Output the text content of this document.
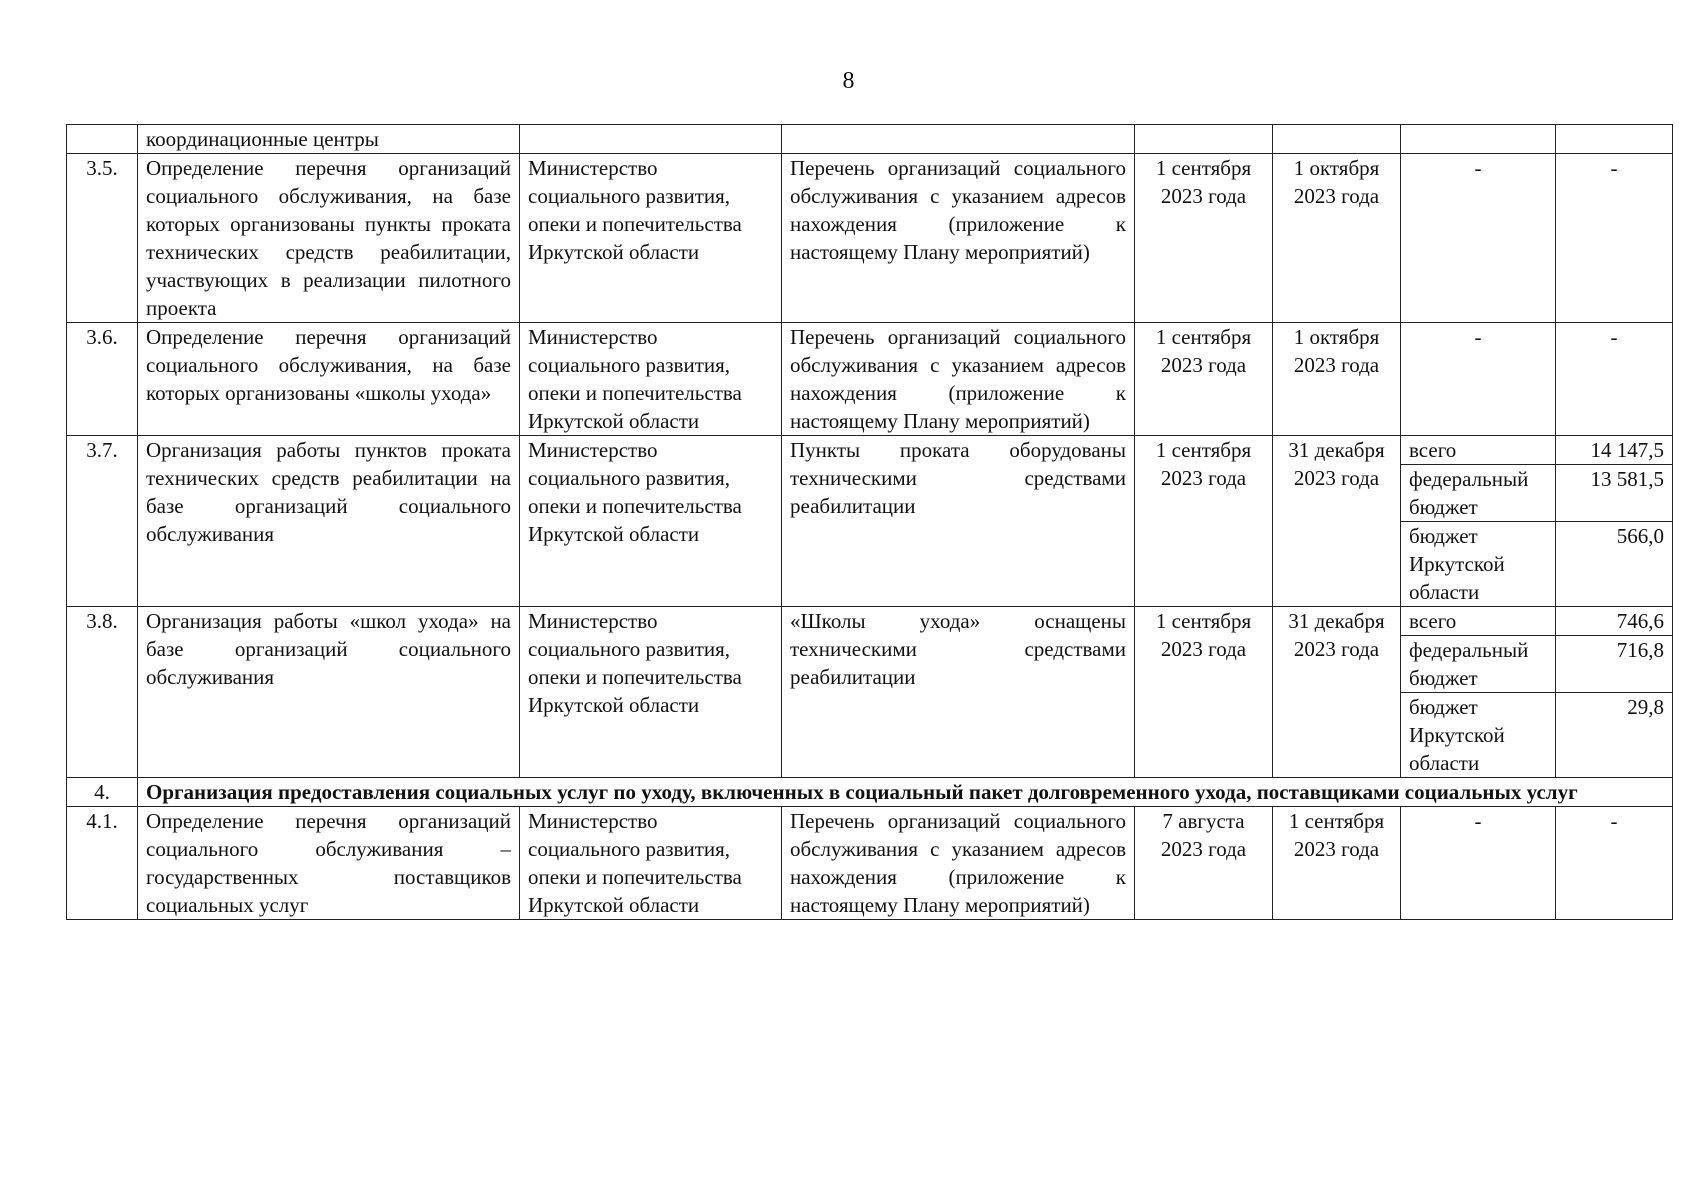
8
	координационные центры						
3.5.	Определение перечня организаций социального обслуживания, на базе которых организованы пункты проката технических средств реабилитации, участвующих в реализации пилотного проекта	Министерство социального развития, опеки и попечительства Иркутской области	Перечень организаций социального обслуживания с указанием адресов нахождения (приложение к настоящему Плану мероприятий)	1 сентября 2023 года	1 октября 2023 года	-	-
3.6.	Определение перечня организаций социального обслуживания, на базе которых организованы «школы ухода»	Министерство социального развития, опеки и попечительства Иркутской области	Перечень организаций социального обслуживания с указанием адресов нахождения (приложение к настоящему Плану мероприятий)	1 сентября 2023 года	1 октября 2023 года	-	-
3.7.	Организация работы пунктов проката технических средств реабилитации на базе организаций социального обслуживания	Министерство социального развития, опеки и попечительства Иркутской области	Пункты проката оборудованы техническими средствами реабилитации	1 сентября 2023 года	31 декабря 2023 года	всего	14 147,5
						федеральный бюджет	13 581,5
						бюджет Иркутской области	566,0
3.8.	Организация работы «школ ухода» на базе организаций социального обслуживания	Министерство социального развития, опеки и попечительства Иркутской области	«Школы ухода» оснащены техническими средствами реабилитации	1 сентября 2023 года	31 декабря 2023 года	всего	746,6
						федеральный бюджет	716,8
						бюджет Иркутской области	29,8
4.	Организация предоставления социальных услуг по уходу, включенных в социальный пакет долговременного ухода, поставщиками социальных услуг						
4.1.	Определение перечня организаций социального обслуживания – государственных поставщиков социальных услуг	Министерство социального развития, опеки и попечительства Иркутской области	Перечень организаций социального обслуживания с указанием адресов нахождения (приложение к настоящему Плану мероприятий)	7 августа 2023 года	1 сентября 2023 года	-	-
